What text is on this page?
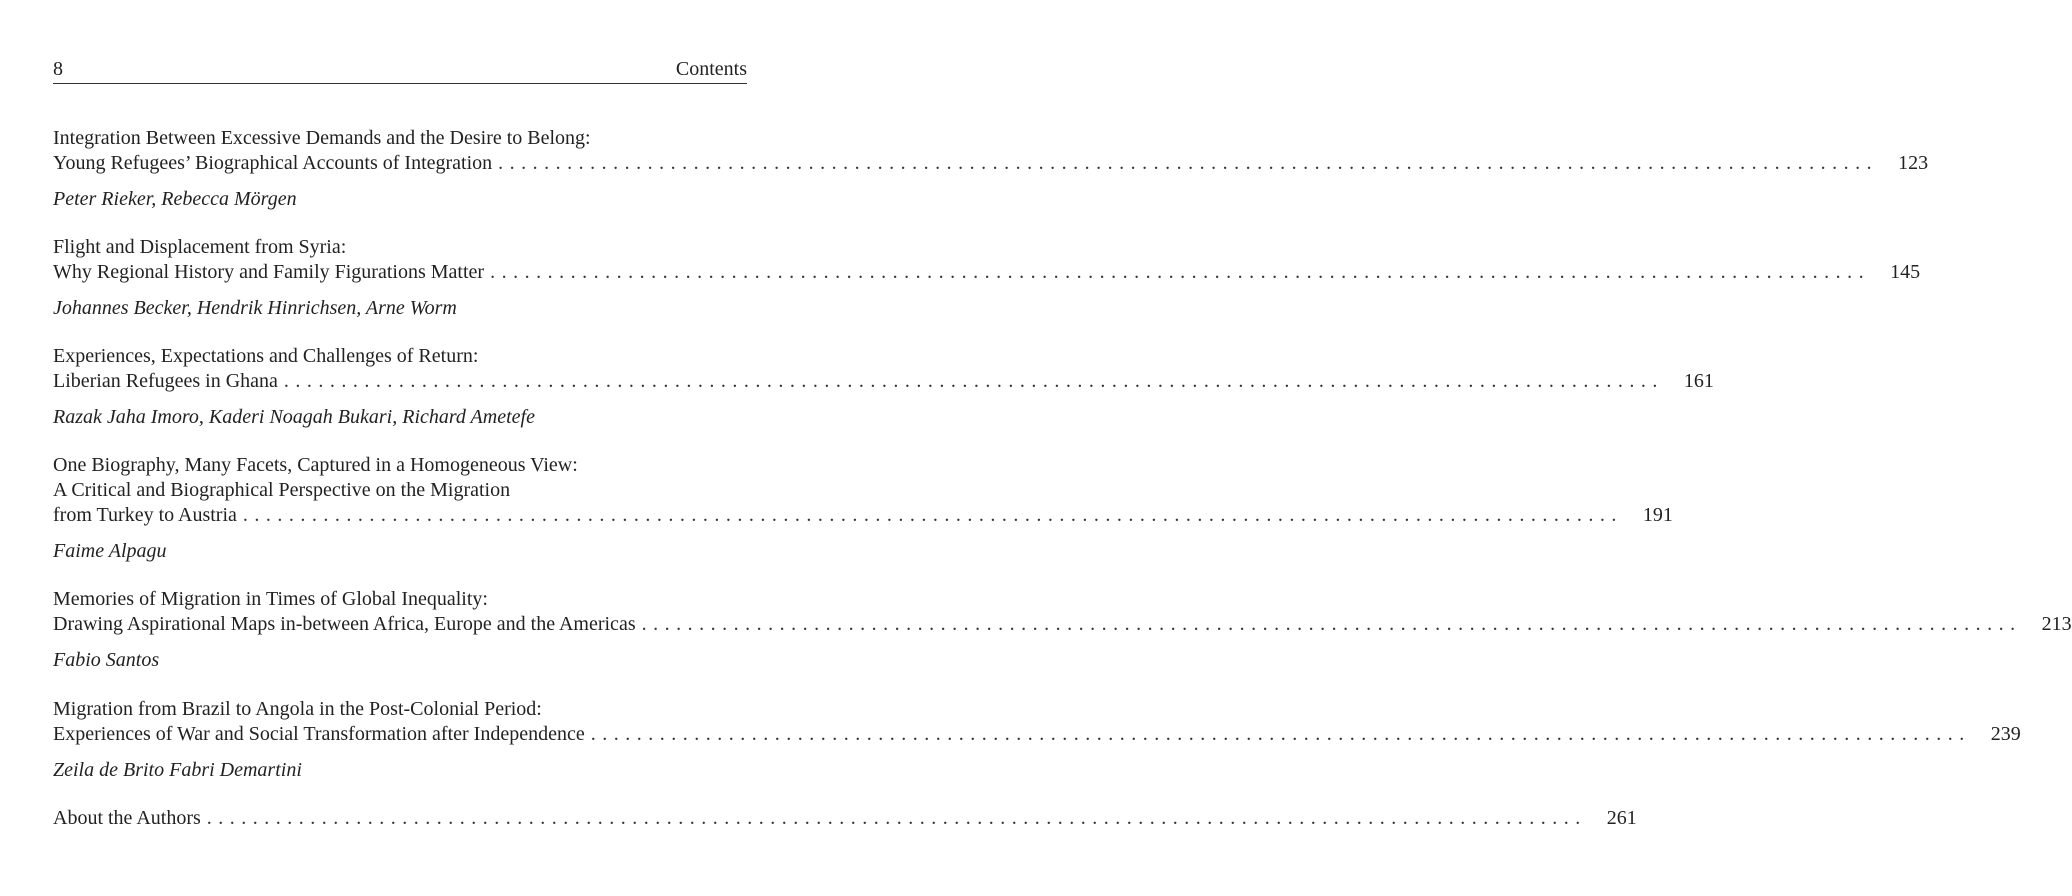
8	Contents
Integration Between Excessive Demands and the Desire to Belong:
Young Refugees’ Biographical Accounts of Integration ........................................................................................................................ 123
Peter Rieker, Rebecca Mörgen
Flight and Displacement from Syria:
Why Regional History and Family Figurations Matter ........................................................................................................................ 145
Johannes Becker, Hendrik Hinrichsen, Arne Worm
Experiences, Expectations and Challenges of Return:
Liberian Refugees in Ghana ........................................................................................................................ 161
Razak Jaha Imoro, Kaderi Noagah Bukari, Richard Ametefe
One Biography, Many Facets, Captured in a Homogeneous View:
A Critical and Biographical Perspective on the Migration
from Turkey to Austria ........................................................................................................................ 191
Faime Alpagu
Memories of Migration in Times of Global Inequality:
Drawing Aspirational Maps in-between Africa, Europe and the Americas ........................................................................................................................ 213
Fabio Santos
Migration from Brazil to Angola in the Post-Colonial Period:
Experiences of War and Social Transformation after Independence ........................................................................................................................ 239
Zeila de Brito Fabri Demartini
About the Authors ........................................................................................................................ 261
